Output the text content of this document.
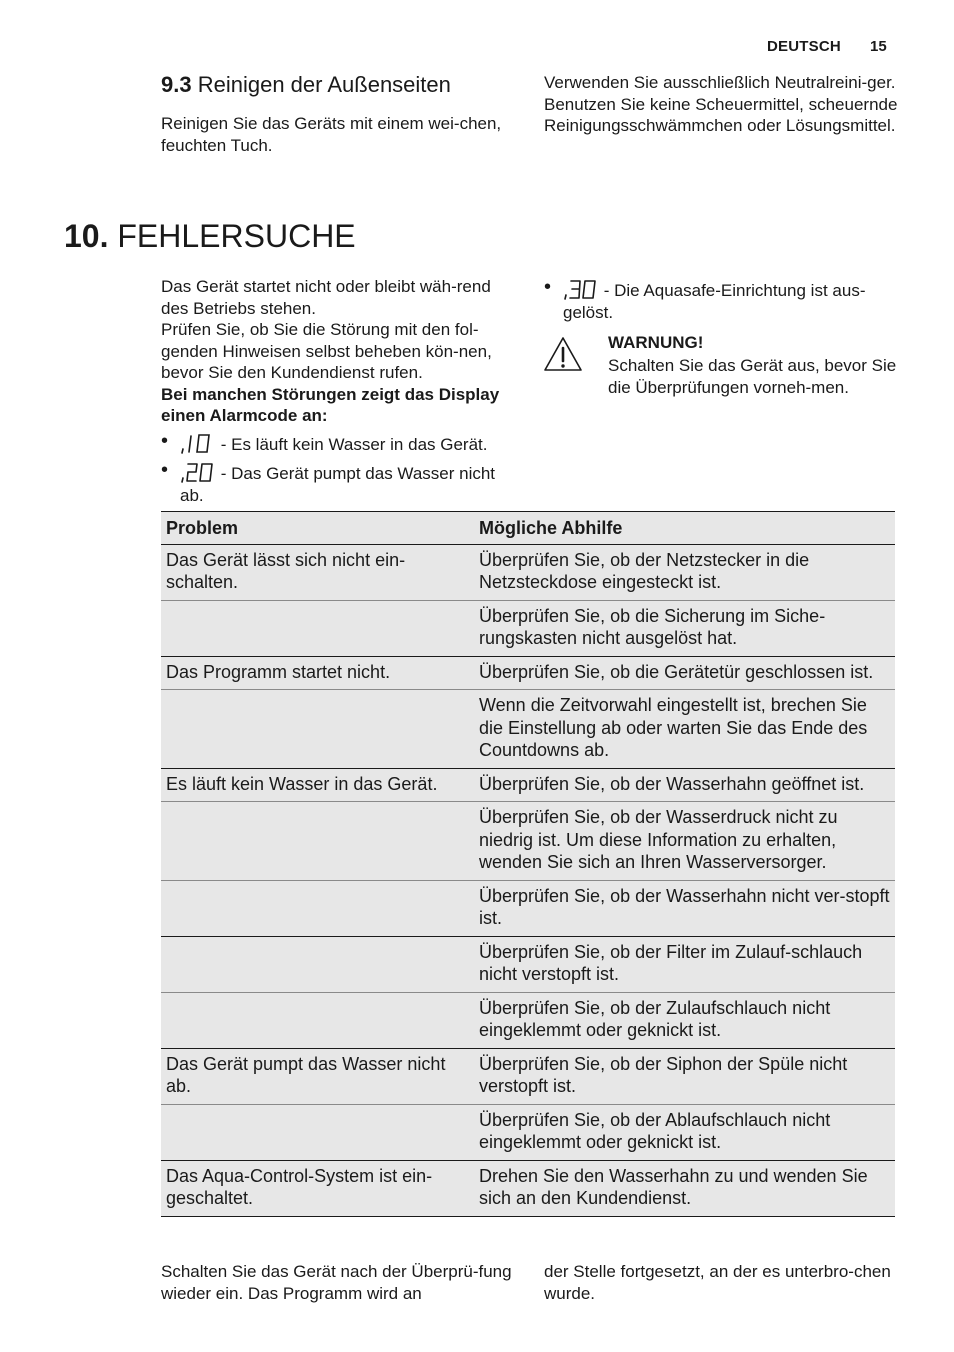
DEUTSCH 15
9.3 Reinigen der Außenseiten
Reinigen Sie das Geräts mit einem wei-chen, feuchten Tuch.
Verwenden Sie ausschließlich Neutralreini-ger. Benutzen Sie keine Scheuermittel, scheuernde Reinigungsschwämmchen oder Lösungsmittel.
10. FEHLERSUCHE
Das Gerät startet nicht oder bleibt wäh-rend des Betriebs stehen.
Prüfen Sie, ob Sie die Störung mit den fol-genden Hinweisen selbst beheben kön-nen, bevor Sie den Kundendienst rufen.
Bei manchen Störungen zeigt das Display einen Alarmcode an:
•	- Es läuft kein Wasser in das Gerät.
•	- Das Gerät pumpt das Wasser nicht ab.
•	- Die Aquasafe-Einrichtung ist aus-gelöst.
WARNUNG!
Schalten Sie das Gerät aus, bevor Sie die Überprüfungen vorneh-men.
Problem	Mögliche Abhilfe
Das Gerät lässt sich nicht ein-schalten.	Überprüfen Sie, ob der Netzstecker in die Netzsteckdose eingesteckt ist.
	Überprüfen Sie, ob die Sicherung im Siche-rungskasten nicht ausgelöst hat.
Das Programm startet nicht.	Überprüfen Sie, ob die Gerätetür geschlossen ist.
	Wenn die Zeitvorwahl eingestellt ist, brechen Sie die Einstellung ab oder warten Sie das Ende des Countdowns ab.
Es läuft kein Wasser in das Gerät.	Überprüfen Sie, ob der Wasserhahn geöffnet ist.
	Überprüfen Sie, ob der Wasserdruck nicht zu niedrig ist. Um diese Information zu erhalten, wenden Sie sich an Ihren Wasserversorger.
	Überprüfen Sie, ob der Wasserhahn nicht ver-stopft ist.
	Überprüfen Sie, ob der Filter im Zulauf-schlauch nicht verstopft ist.
	Überprüfen Sie, ob der Zulaufschlauch nicht eingeklemmt oder geknickt ist.
Das Gerät pumpt das Wasser nicht ab.	Überprüfen Sie, ob der Siphon der Spüle nicht verstopft ist.
	Überprüfen Sie, ob der Ablaufschlauch nicht eingeklemmt oder geknickt ist.
Das Aqua-Control-System ist ein-geschaltet.	Drehen Sie den Wasserhahn zu und wenden Sie sich an den Kundendienst.
Schalten Sie das Gerät nach der Überprü-fung wieder ein. Das Programm wird an
der Stelle fortgesetzt, an der es unterbro-chen wurde.
